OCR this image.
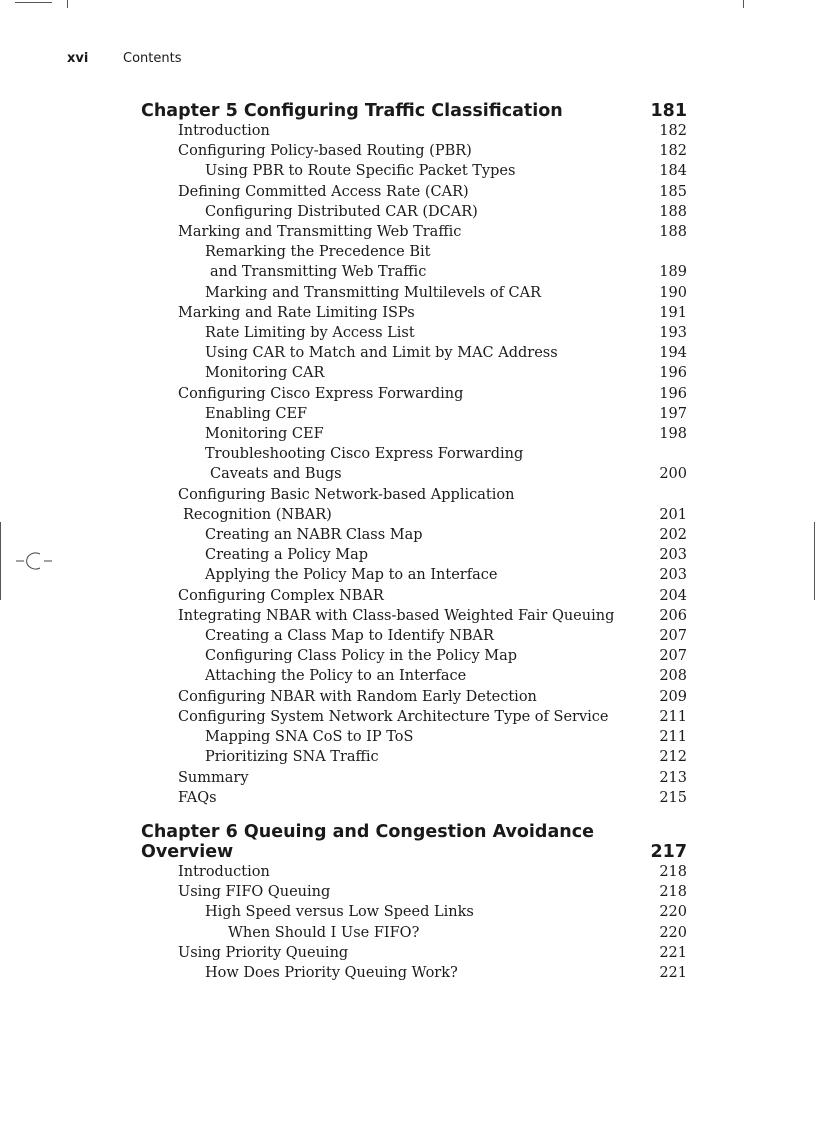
xvi	Contents
Chapter 5 Configuring Traffic Classification	181
Introduction	182
Configuring Policy-based Routing (PBR)	182
Using PBR to Route Specific Packet Types	184
Defining Committed Access Rate (CAR)	185
Configuring Distributed CAR (DCAR)	188
Marking and Transmitting Web Traffic	188
Remarking the Precedence Bit
and Transmitting Web Traffic	189
Marking and Transmitting Multilevels of CAR	190
Marking and Rate Limiting ISPs	191
Rate Limiting by Access List	193
Using CAR to Match and Limit by MAC Address	194
Monitoring CAR	196
Configuring Cisco Express Forwarding	196
Enabling CEF	197
Monitoring CEF	198
Troubleshooting Cisco Express Forwarding
Caveats and Bugs	200
Configuring Basic Network-based Application
Recognition (NBAR)	201
Creating an NABR Class Map	202
Creating a Policy Map	203
Applying the Policy Map to an Interface	203
Configuring Complex NBAR	204
Integrating NBAR with Class-based Weighted Fair Queuing	206
Creating a Class Map to Identify NBAR	207
Configuring Class Policy in the Policy Map	207
Attaching the Policy to an Interface	208
Configuring NBAR with Random Early Detection	209
Configuring System Network Architecture Type of Service	211
Mapping SNA CoS to IP ToS	211
Prioritizing SNA Traffic	212
Summary	213
FAQs	215
Chapter 6 Queuing and Congestion Avoidance Overview	217
Introduction	218
Using FIFO Queuing	218
High Speed versus Low Speed Links	220
When Should I Use FIFO?	220
Using Priority Queuing	221
How Does Priority Queuing Work?	221
